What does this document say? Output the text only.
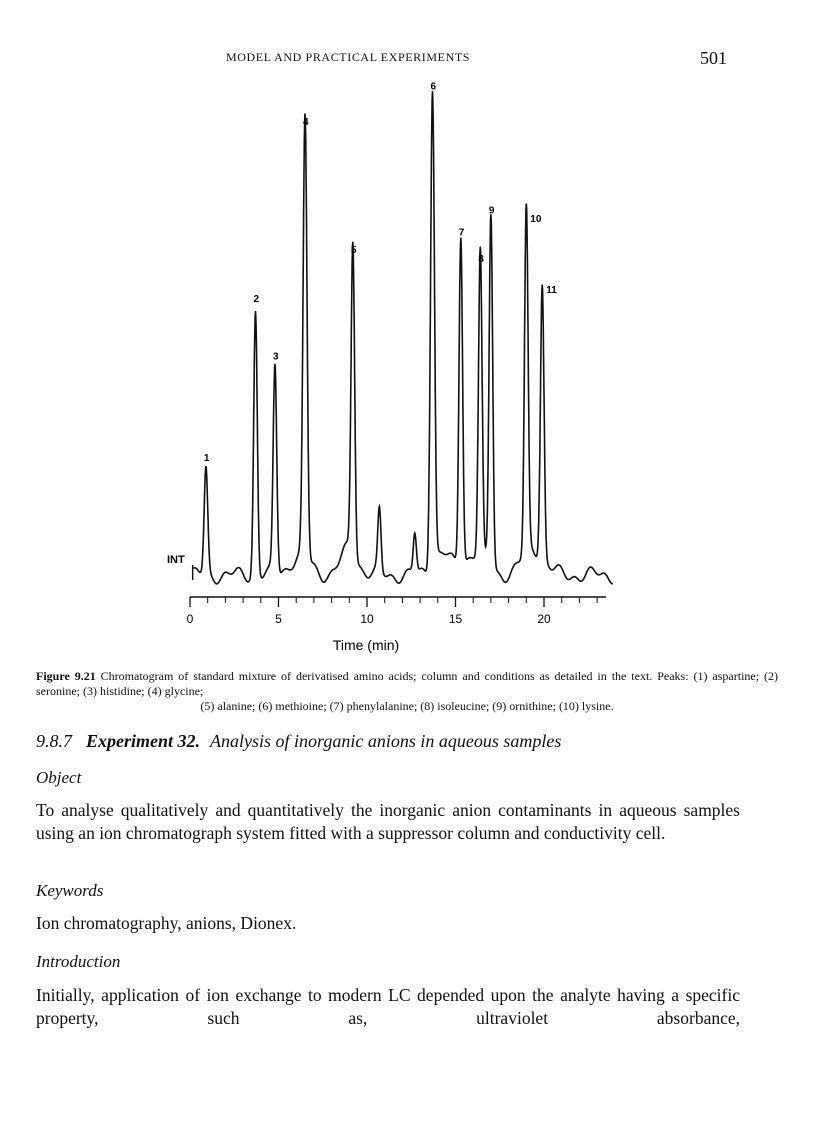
MODEL AND PRACTICAL EXPERIMENTS	501
1
2
3
4
5
6
7
8
9
10
11
0	5	10	15	20
INT
Time (min)
Figure 9.21 Chromatogram of standard mixture of derivatised amino acids; column and conditions as detailed in the text. Peaks: (1) aspartine; (2) seronine; (3) histidine; (4) glycine;
(5) alanine; (6) methioine; (7) phenylalanine; (8) isoleucine; (9) ornithine; (10) lysine.
9.8.7 Experiment 32. Analysis of inorganic anions in aqueous samples
Object
To analyse qualitatively and quantitatively the inorganic anion contaminants in aqueous samples using an ion chromatograph system fitted with a suppressor column and conductivity cell.
Keywords
Ion chromatography, anions, Dionex.
Introduction
Initially, application of ion exchange to modern LC depended upon the analyte having a specific property, such as, ultraviolet absorbance,
